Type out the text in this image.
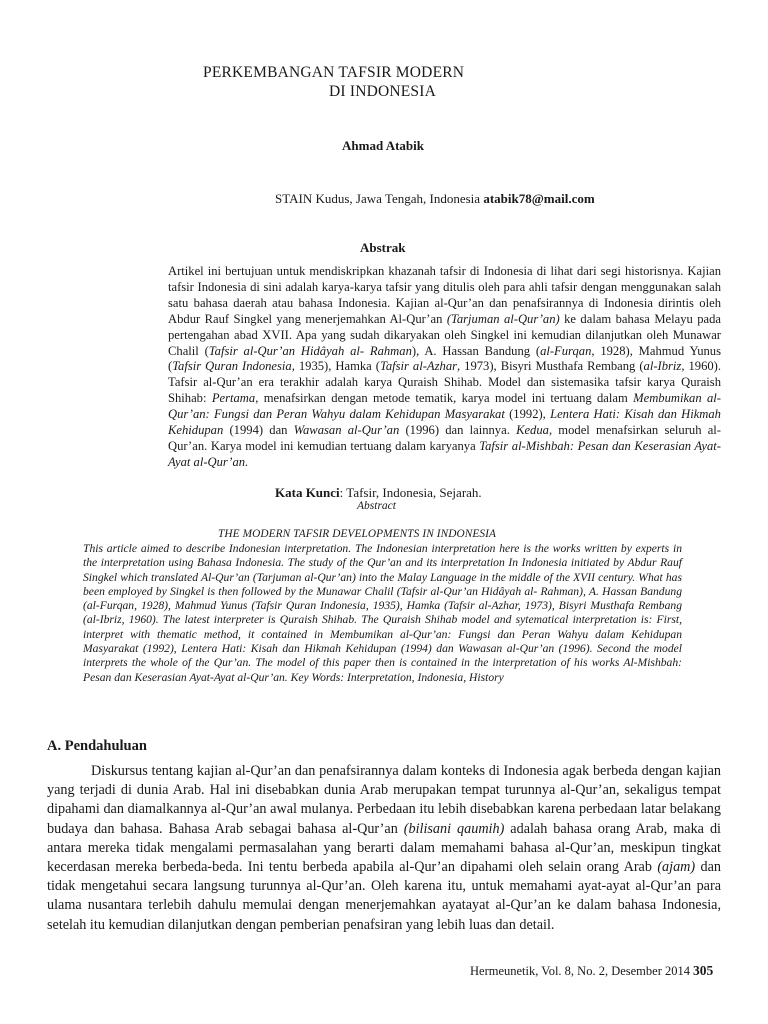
PERKEMBANGAN TAFSIR MODERN
DI INDONESIA
Ahmad Atabik
STAIN Kudus, Jawa Tengah, Indonesia atabik78@mail.com
Abstrak

Artikel ini bertujuan untuk mendiskripkan khazanah tafsir di Indonesia di lihat dari segi historisnya. Kajian tafsir Indonesia di sini adalah karya-karya tafsir yang ditulis oleh para ahli tafsir dengan menggunakan salah satu bahasa daerah atau bahasa Indonesia. Kajian al-Qur’an dan penafsirannya di Indonesia dirintis oleh Abdur Rauf Singkel yang menerjemahkan Al-Qur’an (Tarjuman al-Qur’an) ke dalam bahasa Melayu pada pertengahan abad XVII. Apa yang sudah dikaryakan oleh Singkel ini kemudian dilanjutkan oleh Munawar Chalil (Tafsir al-Qur’an Hidâyah al- Rahman), A. Hassan Bandung (al-Furqan, 1928), Mahmud Yunus (Tafsir Quran Indonesia, 1935), Hamka (Tafsir al-Azhar, 1973), Bisyri Musthafa Rembang (al-Ibriz, 1960). Tafsir al-Qur’an era terakhir adalah karya Quraish Shihab. Model dan sistemasika tafsir karya Quraish Shihab: Pertama, menafsirkan dengan metode tematik, karya model ini tertuang dalam Membumikan al-Qur’an: Fungsi dan Peran Wahyu dalam Kehidupan Masyarakat (1992), Lentera Hati: Kisah dan Hikmah Kehidupan (1994) dan Wawasan al-Qur’an (1996) dan lainnya. Kedua, model menafsirkan seluruh al-Qur’an. Karya model ini kemudian tertuang dalam karyanya Tafsir al-Mishbah: Pesan dan Keserasian Ayat-Ayat al-Qur’an.

Kata Kunci: Tafsir, Indonesia, Sejarah.
Abstract
THE MODERN TAFSIR DEVELOPMENTS IN INDONESIA

This article aimed to describe Indonesian interpretation. The Indonesian interpretation here is the works written by experts in the interpretation using Bahasa Indonesia. The study of the Qur’an and its interpretation In Indonesia initiated by Abdur Rauf Singkel which translated Al-Qur’an (Tarjuman al-Qur’an) into the Malay Language in the middle of the XVII century. What has been employed by Singkel is then followed by the Munawar Chalil (Tafsir al-Qur’an Hidâyah al- Rahman), A. Hassan Bandung (al-Furqan, 1928), Mahmud Yunus (Tafsir Quran Indonesia, 1935), Hamka (Tafsir al-Azhar, 1973), Bisyri Musthafa Rembang (al-Ibriz, 1960). The latest interpreter is Quraish Shihab. The Quraish Shihab model and sytematical interpretation is: First, interpret with thematic method, it contained in Membumikan al-Qur’an: Fungsi dan Peran Wahyu dalam Kehidupan Masyarakat (1992), Lentera Hati: Kisah dan Hikmah Kehidupan (1994) dan Wawasan al-Qur’an (1996). Second the model interprets the whole of the Qur’an. The model of this paper then is contained in the interpretation of his works Al-Mishbah: Pesan dan Keserasian Ayat-Ayat al-Qur’an. Key Words: Interpretation, Indonesia, History

A. Pendahuluan

Diskursus tentang kajian al-Qur’an dan penafsirannya dalam konteks di Indonesia agak berbeda dengan kajian yang terjadi di dunia Arab. Hal ini disebabkan dunia Arab merupakan tempat turunnya al-Qur’an, sekaligus tempat dipahami dan diamalkannya al-Qur’an awal mulanya. Perbedaan itu lebih disebabkan karena perbedaan latar belakang budaya dan bahasa. Bahasa Arab sebagai bahasa al-Qur’an (bilisani qaumih) adalah bahasa orang Arab, maka di antara mereka tidak mengalami permasalahan yang berarti dalam memahami bahasa al-Qur’an, meskipun tingkat kecerdasan mereka berbeda-beda. Ini tentu berbeda apabila al-Qur’an dipahami oleh selain orang Arab (ajam) dan tidak mengetahui secara langsung turunnya al-Qur’an. Oleh karena itu, untuk memahami ayat-ayat al-Qur’an para ulama nusantara terlebih dahulu memulai dengan menerjemahkan ayatayat al-Qur’an ke dalam bahasa Indonesia, setelah itu kemudian dilanjutkan dengan pemberian penafsiran yang lebih luas dan detail.

Hermeunetik, Vol. 8, No. 2, Desember 2014 305
